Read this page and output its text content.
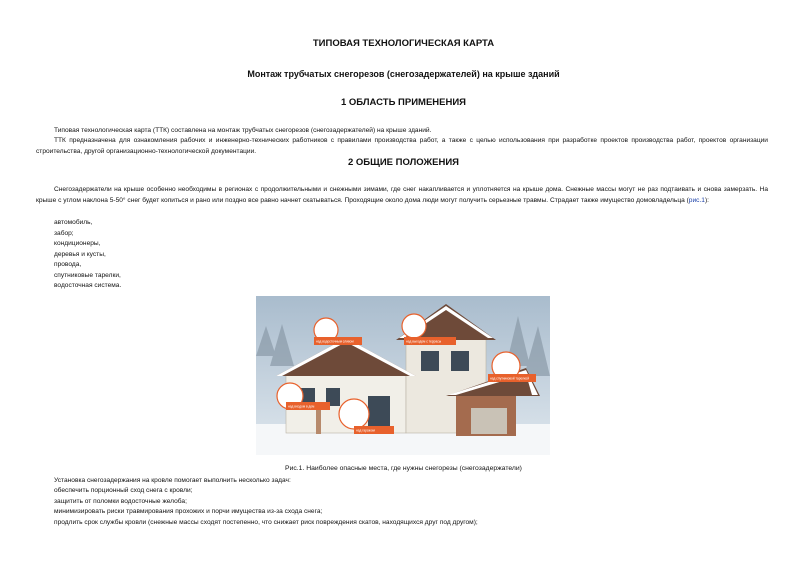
ТИПОВАЯ ТЕХНОЛОГИЧЕСКАЯ КАРТА
Монтаж трубчатых снегорезов (снегозадержателей) на крыше зданий
1 ОБЛАСТЬ ПРИМЕНЕНИЯ
Типовая технологическая карта (ТТК) составлена на монтаж трубчатых снегорезов (снегозадержателей) на крыше зданий.
ТТК предназначена для ознакомления рабочих и инженерно-технических работников с правилами производства работ, а также с целью использования при разработке проектов производства работ, проектов организации строительства, другой организационно-технологической документации.
2 ОБЩИЕ ПОЛОЖЕНИЯ
Снегозадержатели на крыше особенно необходимы в регионах с продолжительными и снежными зимами, где снег накапливается и уплотняется на крыше дома. Снежные массы могут не раз подтаивать и снова замерзать. На крыше с углом наклона 5-50° снег будет копиться и рано или поздно все равно начнет скатываться. Проходящие около дома люди могут получить серьезные травмы. Страдает также имущество домовладельца (рис.1):
автомобиль,
забор;
кондиционеры,
деревья и кусты,
провода,
спутниковые тарелки,
водосточная система.
над водосточным сливом	над выходом с террасы
над спутниковой тарелкой
над входом в дом
над гаражом
Рис.1. Наиболее опасные места, где нужны снегорезы (снегозадержатели)
Установка снегозадержания на кровле помогает выполнить несколько задач:
обеспечить порционный сход снега с кровли;
защитить от поломки водосточные желоба;
минимизировать риски травмирования прохожих и порчи имущества из-за схода снега;
продлить срок службы кровли (снежные массы сходят постепенно, что снижает риск повреждения скатов, находящихся друг под другом);
